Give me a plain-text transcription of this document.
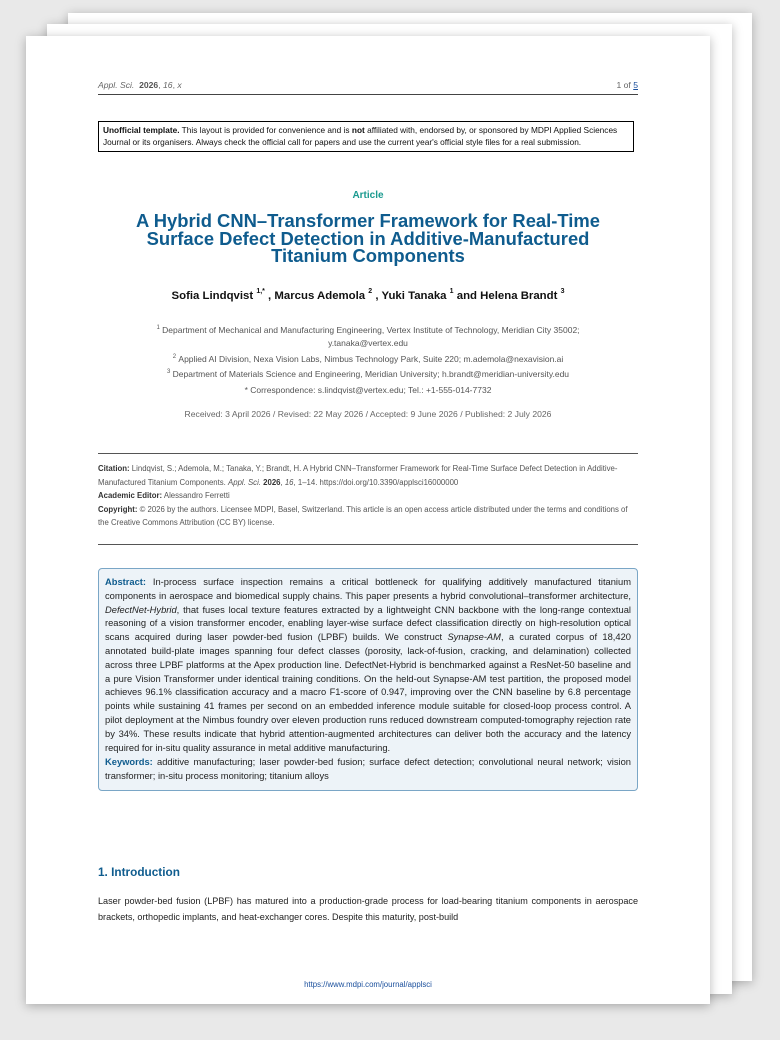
Appl. Sci. 2026, 16, x	1 of 5
Unofficial template. This layout is provided for convenience and is not affiliated with, endorsed by, or sponsored by MDPI Applied Sciences Journal or its organisers. Always check the official call for papers and use the current year's official style files for a real submission.
Article
A Hybrid CNN–Transformer Framework for Real-Time Surface Defect Detection in Additive-Manufactured Titanium Components
Sofia Lindqvist $^{1,*}$ , Marcus Ademola $^2$ , Yuki Tanaka $^1$ and Helena Brandt $^3$
$^1$ Department of Mechanical and Manufacturing Engineering, Vertex Institute of Technology, Meridian City 35002;
y.tanaka@vertex.edu
$^2$ Applied AI Division, Nexa Vision Labs, Nimbus Technology Park, Suite 220; m.ademola@nexavision.ai
$^3$ Department of Materials Science and Engineering, Meridian University; h.brandt@meridian-university.edu
* Correspondence: s.lindqvist@vertex.edu; Tel.: +1-555-014-7732
Received: 3 April 2026 / Revised: 22 May 2026 / Accepted: 9 June 2026 / Published: 2 July 2026
Citation: Lindqvist, S.; Ademola, M.; Tanaka, Y.; Brandt, H. A Hybrid CNN–Transformer Framework for Real-Time Surface Defect Detection in Additive-Manufactured Titanium Components. Appl. Sci. 2026, 16, 1–14. https://doi.org/10.3390/applsci16000000
Academic Editor: Alessandro Ferretti
Copyright: © 2026 by the authors. Licensee MDPI, Basel, Switzerland. This article is an open access article distributed under the terms and conditions of the Creative Commons Attribution (CC BY) license.

Abstract: In-process surface inspection remains a critical bottleneck for qualifying additively manufactured titanium components in aerospace and biomedical supply chains. This paper presents a hybrid convolutional–transformer architecture, DefectNet-Hybrid, that fuses local texture features extracted by a lightweight CNN backbone with the long-range contextual reasoning of a vision transformer encoder, enabling layer-wise surface defect classification directly on high-resolution optical scans acquired during laser powder-bed fusion (LPBF) builds. We construct Synapse-AM, a curated corpus of 18,420 annotated build-plate images spanning four defect classes (porosity, lack-of-fusion, cracking, and delamination) collected across three LPBF platforms at the Apex production line. DefectNet-Hybrid is benchmarked against a ResNet-50 baseline and a pure Vision Transformer under identical training conditions. On the held-out Synapse-AM test partition, the proposed model achieves 96.1% classification accuracy and a macro F1-score of 0.947, improving over the CNN baseline by 6.8 percentage points while sustaining 41 frames per second on an embedded inference module suitable for closed-loop process control. A pilot deployment at the Nimbus foundry over eleven production runs reduced downstream computed-tomography rejection rate by 34%. These results indicate that hybrid attention-augmented architectures can deliver both the accuracy and the latency required for in-situ quality assurance in metal additive manufacturing.

Keywords: additive manufacturing; laser powder-bed fusion; surface defect detection; convolutional neural network; vision transformer; in-situ process monitoring; titanium alloys

1. Introduction
Laser powder-bed fusion (LPBF) has matured into a production-grade process for load-bearing titanium components in aerospace brackets, orthopedic implants, and heat-exchanger cores. Despite this maturity, post-build
https://www.mdpi.com/journal/applsci
